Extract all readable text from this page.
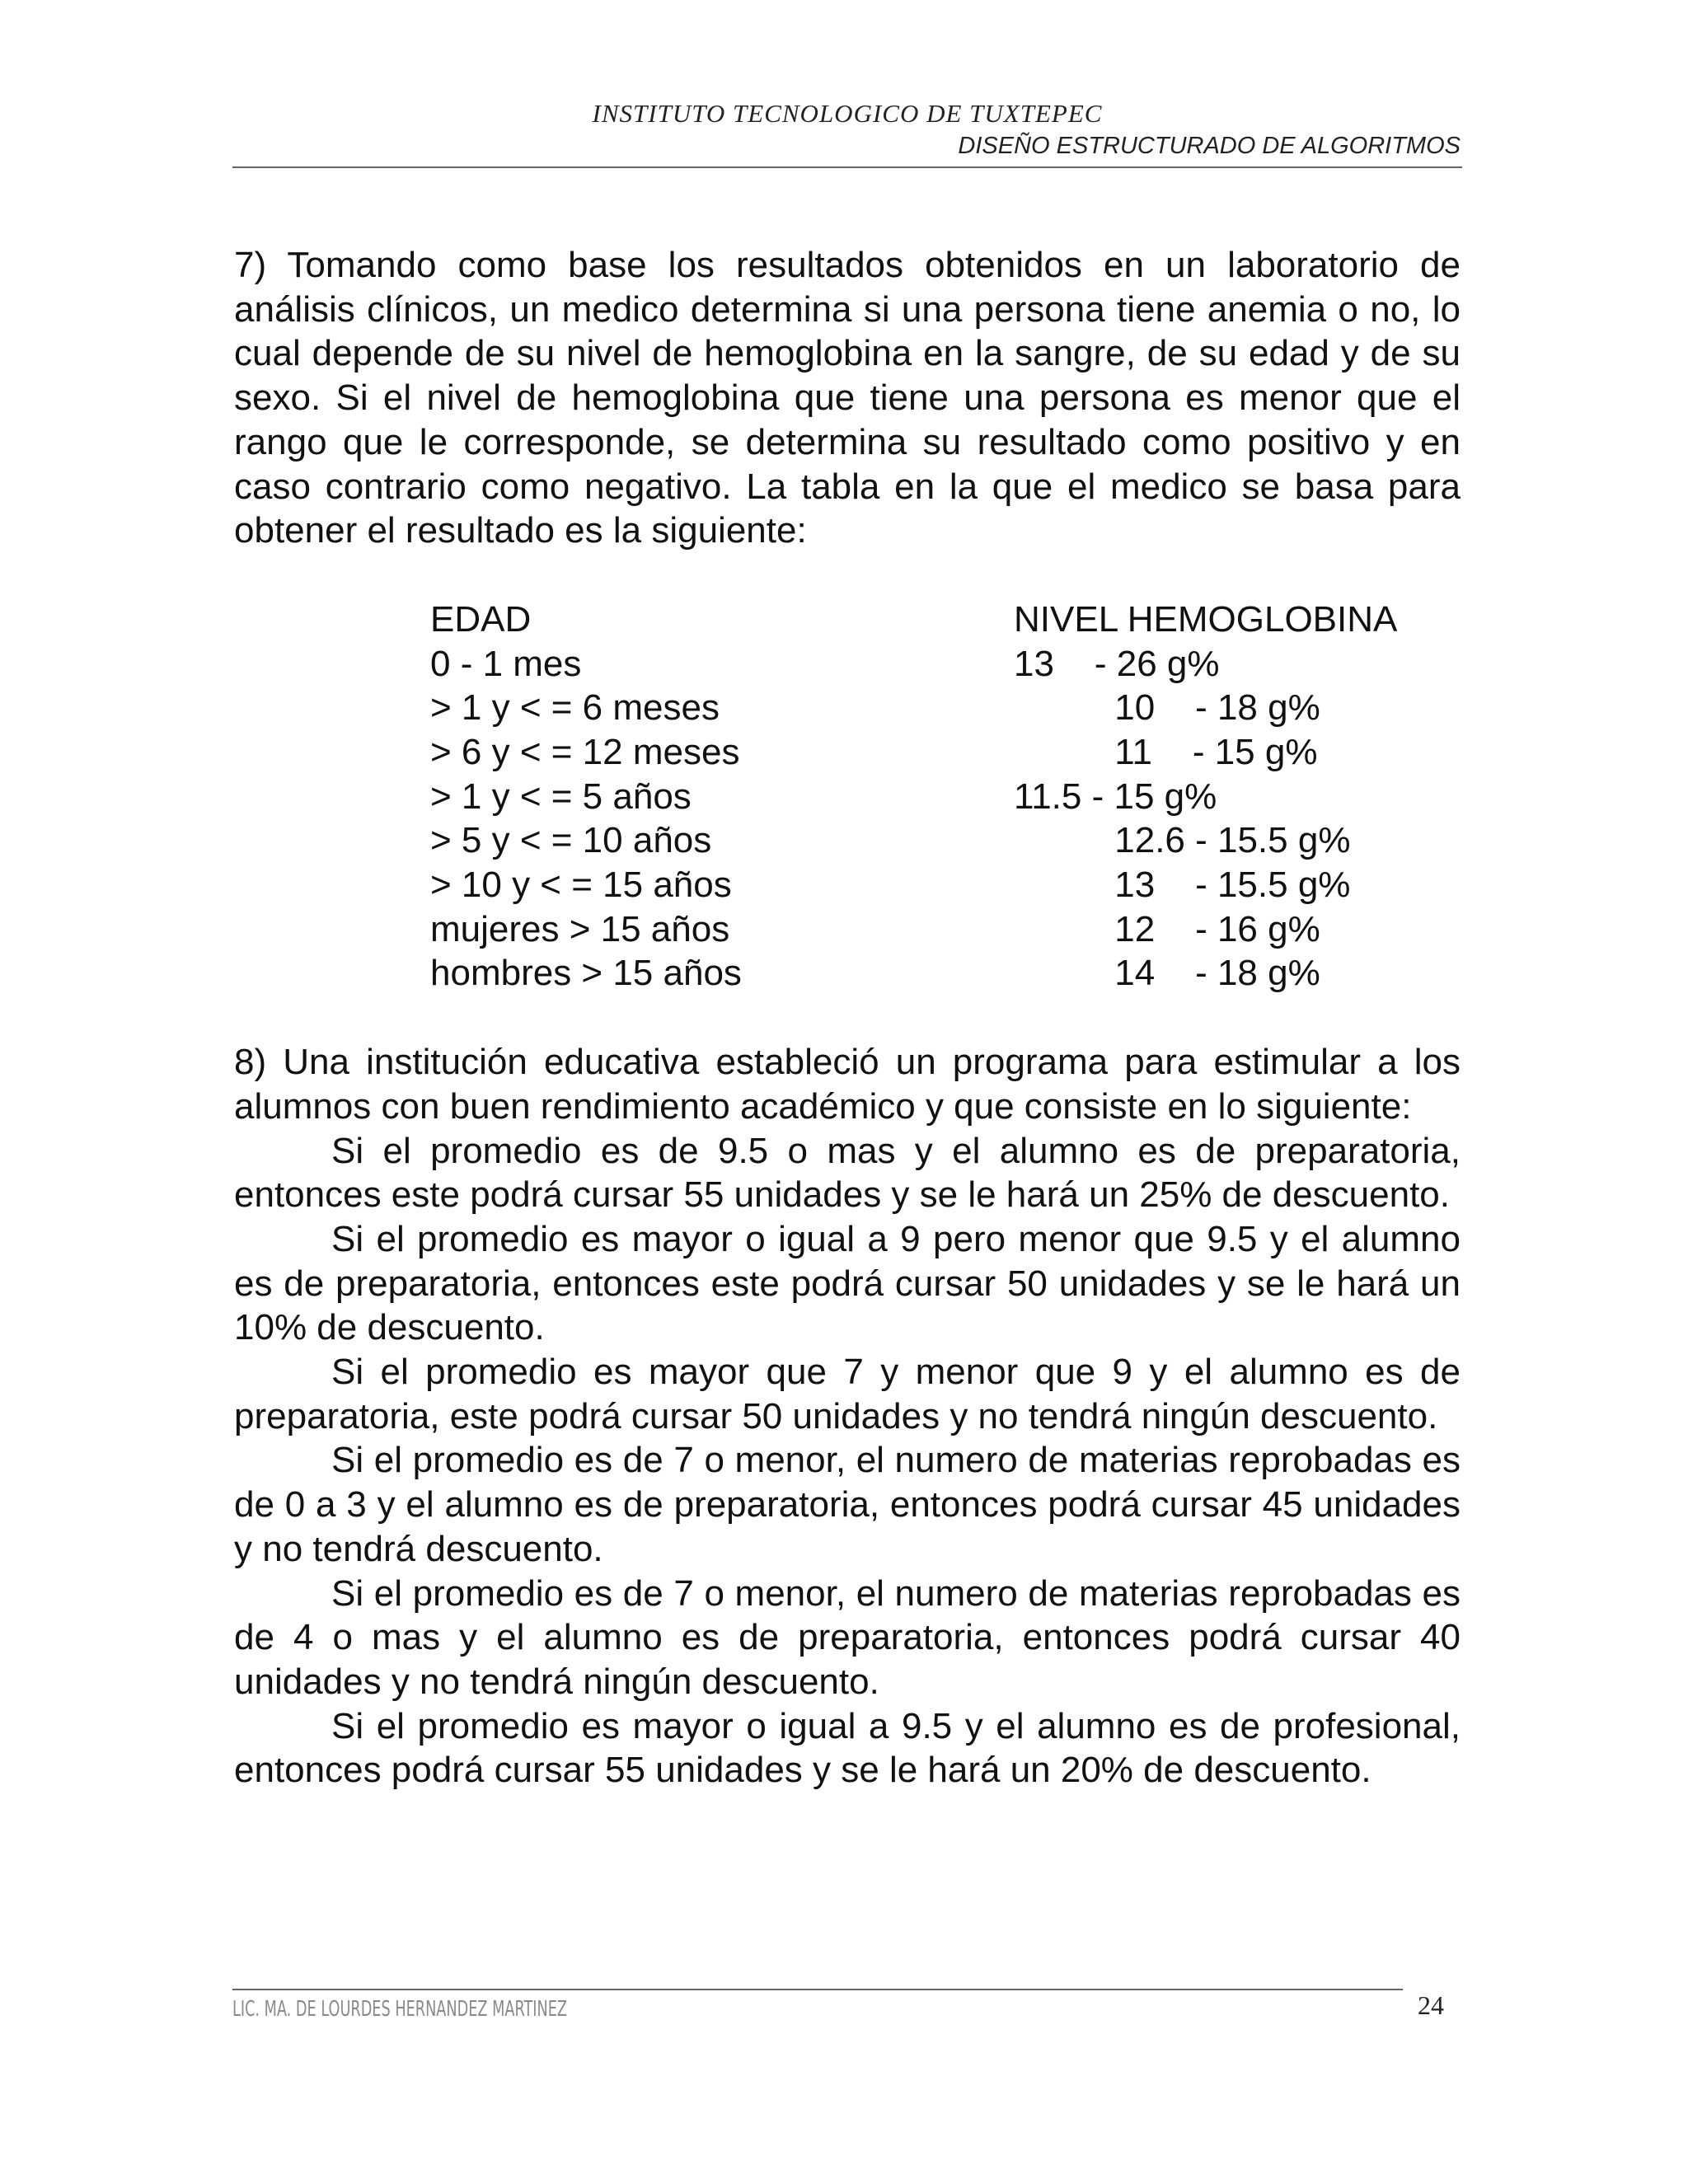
INSTITUTO TECNOLOGICO DE TUXTEPEC
DISEÑO ESTRUCTURADO DE ALGORITMOS

7) Tomando como base los resultados obtenidos en un laboratorio de análisis clínicos, un medico determina si una persona tiene anemia o no, lo cual depende de su nivel de hemoglobina en la sangre, de su edad y de su sexo. Si el nivel de hemoglobina que tiene una persona es menor que el rango que le corresponde, se determina su resultado como positivo y en caso contrario como negativo. La tabla en la que el medico se basa para obtener el resultado es la siguiente:

EDAD	NIVEL HEMOGLOBINA
0 - 1 mes	13    - 26 g%
> 1 y < = 6 meses	10    - 18 g%
> 6 y < = 12 meses	11    - 15 g%
> 1 y < = 5 años	11.5 - 15 g%
> 5 y < = 10 años	12.6 - 15.5 g%
> 10 y < = 15 años	13    - 15.5 g%
mujeres > 15 años	12    - 16 g%
hombres > 15 años	14    - 18 g%

8) Una institución educativa estableció un programa para estimular a los alumnos con buen rendimiento académico y que consiste en lo siguiente:

Si el promedio es de 9.5 o mas y el alumno es de preparatoria, entonces este podrá cursar 55 unidades y se le hará un 25% de descuento.

Si el promedio es mayor o igual a 9 pero menor que 9.5 y el alumno es de preparatoria, entonces este podrá cursar 50 unidades y se le hará un 10% de descuento.

Si el promedio es mayor que 7 y menor que 9 y el alumno es de preparatoria, este podrá cursar 50 unidades y no tendrá ningún descuento.

Si el promedio es de 7 o menor, el numero de materias reprobadas es de 0 a 3 y el alumno es de preparatoria, entonces podrá cursar 45 unidades y no tendrá descuento.

Si el promedio es de 7 o menor, el numero de materias reprobadas es de 4 o mas y el alumno es de preparatoria, entonces podrá cursar 40 unidades y no tendrá ningún descuento.

Si el promedio es mayor o igual a 9.5 y el alumno es de profesional, entonces podrá cursar 55 unidades y se le hará un 20% de descuento.

LIC. MA. DE LOURDES HERNANDEZ MARTINEZ	24
